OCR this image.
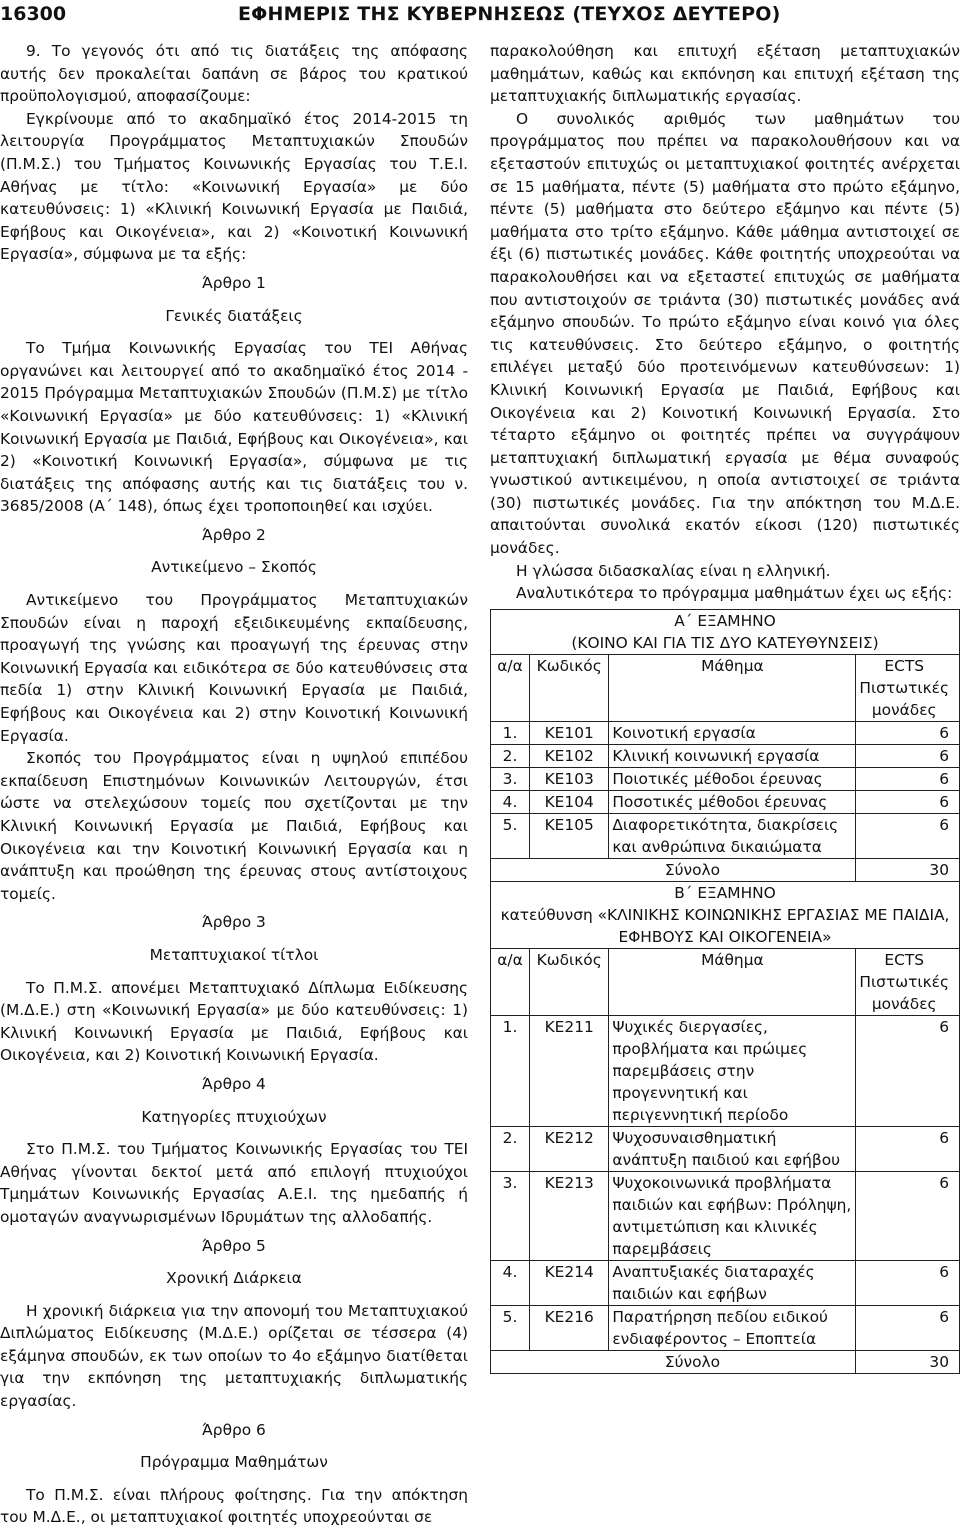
16300	ΕΦΗΜΕΡΙΣ ΤΗΣ ΚΥΒΕΡΝΗΣΕΩΣ (ΤΕΥΧΟΣ ΔΕΥΤΕΡΟ)

9. Το γεγονός ότι από τις διατάξεις της απόφασης αυτής δεν προκαλείται δαπάνη σε βάρος του κρατικού προϋπολογισμού, αποφασίζουμε:

Εγκρίνουμε από το ακαδημαϊκό έτος 2014-2015 τη λειτουργία Προγράμματος Μεταπτυχιακών Σπουδών (Π.Μ.Σ.) του Τμήματος Κοινωνικής Εργασίας του Τ.Ε.Ι. Αθήνας με τίτλο: «Κοινωνική Εργασία» με δύο κατευθύνσεις: 1) «Κλινική Κοινωνική Εργασία με Παιδιά, Εφήβους και Οικογένεια», και 2) «Κοινοτική Κοινωνική Εργασία», σύμφωνα με τα εξής:

Άρθρο 1

Γενικές διατάξεις

Το Τμήμα Κοινωνικής Εργασίας του ΤΕΙ Αθήνας οργανώνει και λειτουργεί από το ακαδημαϊκό έτος 2014 - 2015 Πρόγραμμα Μεταπτυχιακών Σπουδών (Π.Μ.Σ) με τίτλο «Κοινωνική Εργασία» με δύο κατευθύνσεις: 1) «Κλινική Κοινωνική Εργασία με Παιδιά, Εφήβους και Οικογένεια», και 2) «Κοινοτική Κοινωνική Εργασία», σύμφωνα με τις διατάξεις της απόφασης αυτής και τις διατάξεις του ν. 3685/2008 (Α΄ 148), όπως έχει τροποποιηθεί και ισχύει.

Άρθρο 2

Αντικείμενο – Σκοπός

Αντικείμενο του Προγράμματος Μεταπτυχιακών Σπουδών είναι η παροχή εξειδικευμένης εκπαίδευσης, προαγωγή της γνώσης και προαγωγή της έρευνας στην Κοινωνική Εργασία και ειδικότερα σε δύο κατευθύνσεις στα πεδία 1) στην Κλινική Κοινωνική Εργασία με Παιδιά, Εφήβους και Οικογένεια και 2) στην Κοινοτική Κοινωνική Εργασία.

Σκοπός του Προγράμματος είναι η υψηλού επιπέδου εκπαίδευση Επιστημόνων Κοινωνικών Λειτουργών, έτσι ώστε να στελεχώσουν τομείς που σχετίζονται με την Κλινική Κοινωνική Εργασία με Παιδιά, Εφήβους και Οικογένεια και την Κοινοτική Κοινωνική Εργασία και η ανάπτυξη και προώθηση της έρευνας στους αντίστοιχους τομείς.

Άρθρο 3

Μεταπτυχιακοί τίτλοι

Το Π.Μ.Σ. απονέμει Μεταπτυχιακό Δίπλωμα Ειδίκευσης (Μ.Δ.Ε.) στη «Κοινωνική Εργασία» με δύο κατευθύνσεις: 1) Κλινική Κοινωνική Εργασία με Παιδιά, Εφήβους και Οικογένεια, και 2) Κοινοτική Κοινωνική Εργασία.

Άρθρο 4

Κατηγορίες πτυχιούχων

Στο Π.Μ.Σ. του Τμήματος Κοινωνικής Εργασίας του ΤΕΙ Αθήνας γίνονται δεκτοί μετά από επιλογή πτυχιούχοι Τμημάτων Κοινωνικής Εργασίας Α.Ε.Ι. της ημεδαπής ή ομοταγών αναγνωρισμένων Ιδρυμάτων της αλλοδαπής.

Άρθρο 5

Χρονική Διάρκεια

Η χρονική διάρκεια για την απονομή του Μεταπτυχιακού Διπλώματος Ειδίκευσης (Μ.Δ.Ε.) ορίζεται σε τέσσερα (4) εξάμηνα σπουδών, εκ των οποίων το 4ο εξάμηνο διατίθεται για την εκπόνηση της μεταπτυχιακής διπλωματικής εργασίας.

Άρθρο 6

Πρόγραμμα Μαθημάτων

Το Π.Μ.Σ. είναι πλήρους φοίτησης. Για την απόκτηση του Μ.Δ.Ε., οι μεταπτυχιακοί φοιτητές υποχρεούνται σε

παρακολούθηση και επιτυχή εξέταση μεταπτυχιακών μαθημάτων, καθώς και εκπόνηση και επιτυχή εξέταση της μεταπτυχιακής διπλωματικής εργασίας.

Ο συνολικός αριθμός των μαθημάτων του προγράμματος που πρέπει να παρακολουθήσουν και να εξεταστούν επιτυχώς οι μεταπτυχιακοί φοιτητές ανέρχεται σε 15 μαθήματα, πέντε (5) μαθήματα στο πρώτο εξάμηνο, πέντε (5) μαθήματα στο δεύτερο εξάμηνο και πέντε (5) μαθήματα στο τρίτο εξάμηνο. Κάθε μάθημα αντιστοιχεί σε έξι (6) πιστωτικές μονάδες. Κάθε φοιτητής υποχρεούται να παρακολουθήσει και να εξεταστεί επιτυχώς σε μαθήματα που αντιστοιχούν σε τριάντα (30) πιστωτικές μονάδες ανά εξάμηνο σπουδών. Το πρώτο εξάμηνο είναι κοινό για όλες τις κατευθύνσεις. Στο δεύτερο εξάμηνο, ο φοιτητής επιλέγει μεταξύ δύο προτεινόμενων κατευθύνσεων: 1) Κλινική Κοινωνική Εργασία με Παιδιά, Εφήβους και Οικογένεια και 2) Κοινοτική Κοινωνική Εργασία. Στο τέταρτο εξάμηνο οι φοιτητές πρέπει να συγγράψουν μεταπτυχιακή διπλωματική εργασία με θέμα συναφούς γνωστικού αντικειμένου, η οποία αντιστοιχεί σε τριάντα (30) πιστωτικές μονάδες. Για την απόκτηση του Μ.Δ.Ε. απαιτούνται συνολικά εκατόν είκοσι (120) πιστωτικές μονάδες.

Η γλώσσα διδασκαλίας είναι η ελληνική.

Αναλυτικότερα το πρόγραμμα μαθημάτων έχει ως εξής:

Α΄ ΕΞΑΜΗΝΟ
(ΚΟΙΝΟ ΚΑΙ ΓΙΑ ΤΙΣ ΔΥΟ ΚΑΤΕΥΘΥΝΣΕΙΣ)			

α/α	Κωδικός	Μάθημα	ECTS Πιστωτικές μονάδες
1.	ΚΕ101	Κοινοτική εργασία	6
2.	ΚΕ102	Κλινική κοινωνική εργασία	6
3.	ΚΕ103	Ποιοτικές μέθοδοι έρευνας	6
4.	ΚΕ104	Ποσοτικές μέθοδοι έρευνας	6
5.	ΚΕ105	Διαφορετικότητα, διακρίσεις και ανθρώπινα δικαιώματα	6
	Σύνολο		30

Β΄ ΕΞΑΜΗΝΟ
κατεύθυνση «ΚΛΙΝΙΚΗΣ ΚΟΙΝΩΝΙΚΗΣ ΕΡΓΑΣΙΑΣ ΜΕ ΠΑΙΔΙΑ, ΕΦΗΒΟΥΣ ΚΑΙ ΟΙΚΟΓΕΝΕΙΑ»			

α/α	Κωδικός	Μάθημα	ECTS Πιστωτικές μονάδες
1.	ΚΕ211	Ψυχικές διεργασίες, προβλήματα και πρώιμες παρεμβάσεις στην προγεννητική και περιγεννητική περίοδο	6
2.	ΚΕ212	Ψυχοσυναισθηματική ανάπτυξη παιδιού και εφήβου	6
3.	ΚΕ213	Ψυχοκοινωνικά προβλήματα παιδιών και εφήβων: Πρόληψη, αντιμετώπιση και κλινικές παρεμβάσεις	6
4.	ΚΕ214	Αναπτυξιακές διαταραχές παιδιών και εφήβων	6
5.	ΚΕ216	Παρατήρηση πεδίου ειδικού ενδιαφέροντος – Εποπτεία	6
	Σύνολο		30
